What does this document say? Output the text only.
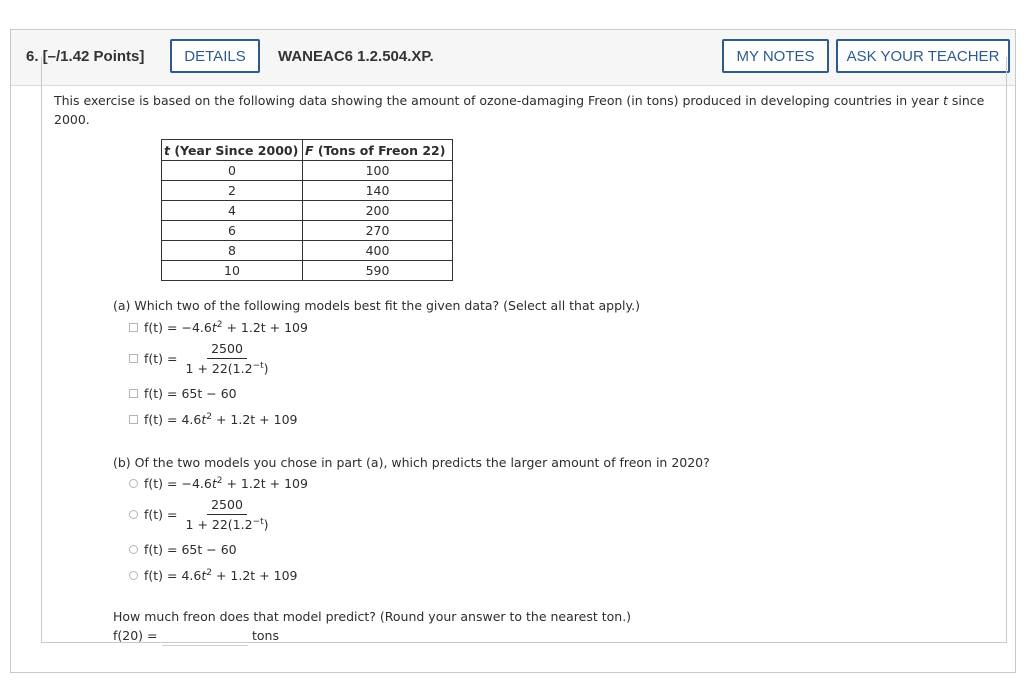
6. [–/1.42 Points]	DETAILS	WANEAC6 1.2.504.XP.	MY NOTES	ASK YOUR TEACHER
This exercise is based on the following data showing the amount of ozone-damaging Freon (in tons) produced in developing countries in year t since 2000.
t (Year Since 2000)	F (Tons of Freon 22)
0	100
2	140
4	200
6	270
8	400
10	590
(a) Which two of the following models best fit the given data? (Select all that apply.)
$f(t) = -4.6t^2 + 1.2t + 109$
$f(t) = \frac{2500}{1 + 22(1.2^{-t})}$
f(t) = 65t − 60
$f(t) = 4.6t^2 + 1.2t + 109$
(b) Of the two models you chose in part (a), which predicts the larger amount of freon in 2020?
$f(t) = -4.6t^2 + 1.2t + 109$
$f(t) = \frac{2500}{1 + 22(1.2^{-t})}$
f(t) = 65t − 60
$f(t) = 4.6t^2 + 1.2t + 109$
How much freon does that model predict? (Round your answer to the nearest ton.)
f(20) =	tons
